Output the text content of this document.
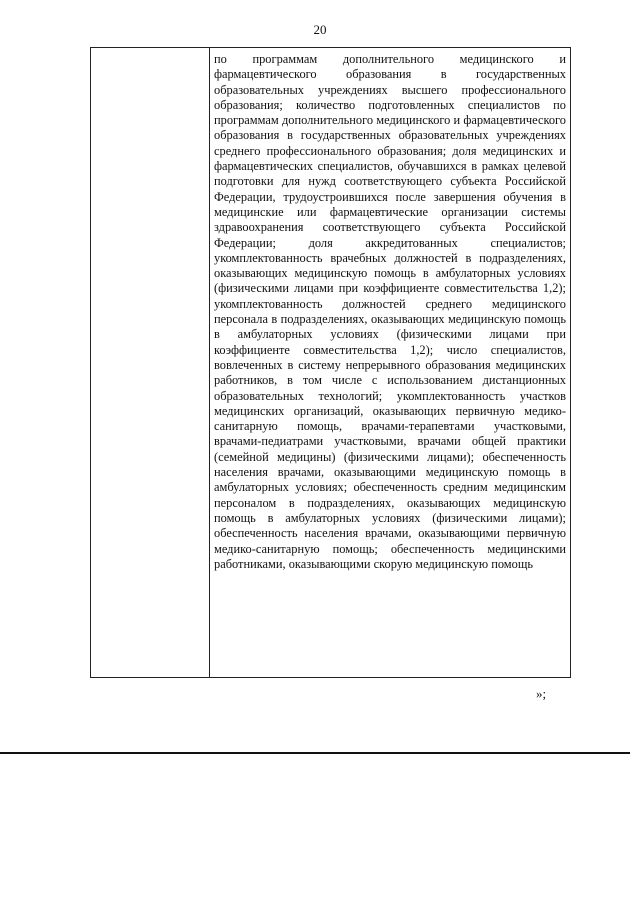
20
по программам дополнительного медицинского и фармацевтического образования в государственных образовательных учреждениях высшего профессионального образования; количество подготовленных специалистов по программам дополнительного медицинского и фармацевтического образования в государственных образовательных учреждениях среднего профессионального образования; доля медицинских и фармацевтических специалистов, обучавшихся в рамках целевой подготовки для нужд соответствующего субъекта Российской Федерации, трудоустроившихся после завершения обучения в медицинские или фармацевтические организации системы здравоохранения соответствующего субъекта Российской Федерации; доля аккредитованных специалистов; укомплектованность врачебных должностей в подразделениях, оказывающих медицинскую помощь в амбулаторных условиях (физическими лицами при коэффициенте совместительства 1,2); укомплектованность должностей среднего медицинского персонала в подразделениях, оказывающих медицинскую помощь в амбулаторных условиях (физическими лицами при коэффициенте совместительства 1,2); число специалистов, вовлеченных в систему непрерывного образования медицинских работников, в том числе с использованием дистанционных образовательных технологий; укомплектованность участков медицинских организаций, оказывающих первичную медико-санитарную помощь, врачами-терапевтами участковыми, врачами-педиатрами участковыми, врачами общей практики (семейной медицины) (физическими лицами); обеспеченность населения врачами, оказывающими медицинскую помощь в амбулаторных условиях; обеспеченность средним медицинским персоналом в подразделениях, оказывающих медицинскую помощь в амбулаторных условиях (физическими лицами); обеспеченность населения врачами, оказывающими первичную медико-санитарную помощь; обеспеченность медицинскими работниками, оказывающими скорую медицинскую помощь
»;
